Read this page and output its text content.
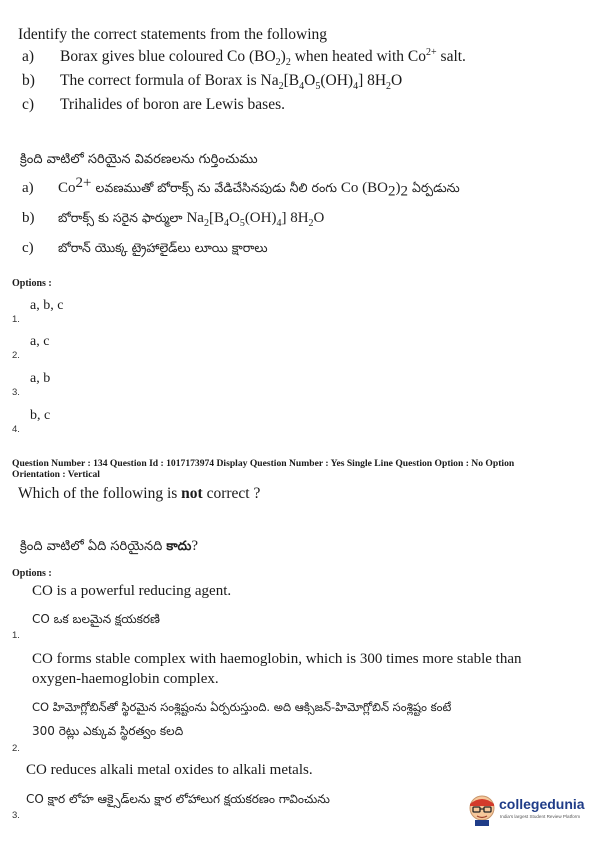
Identify the correct statements from the following
a) Borax gives blue coloured Co $(BO_2)_2$ when heated with $Co^{2+}$ salt.
b) The correct formula of Borax is $Na_2[B_4O_5(OH)_4]$ $8H_2O$
c) Trihalides of boron are Lewis bases.
క్రింది వాటిలో సరియైన వివరణలను గుర్తించుము
a) $Co^{2+}$ లవణముతో బోరాక్స్ ను వేడిచేసినపుడు నీలి రంగు Co $(BO_2)_2$ ఏర్పడును
b) బోరాక్స్ కు సరైన ఫార్ములా $Na_2[B_4O_5(OH)_4]$ $8H_2O$
c) బోరాన్ యొక్క ట్రైహాలైడ్‌లు లూయి క్షారాలు
Options :
a, b, c
1.
a, c
2.
a, b
3.
b, c
4.
Question Number : 134 Question Id : 1017173974 Display Question Number : Yes Single Line Question Option : No Option
Orientation : Vertical
Which of the following is not correct ?
క్రింది వాటిలో ఏది సరియైనది కాదు?
Options :
CO is a powerful reducing agent.
CO ఒక బలమైన క్షయకరణి
1.
CO forms stable complex with haemoglobin, which is 300 times more stable than
oxygen-haemoglobin complex.
CO హిమోగ్లోబిన్‌తో స్థిరమైన సంశ్లిష్టంను ఏర్పరుస్తుంది. అది ఆక్సిజన్-హిమోగ్లోబిన్ సంశ్లిష్టం కంటే
300 రెట్లు ఎక్కువ స్థిరత్వం కలది
2.
CO reduces alkali metal oxides to alkali metals.
CO క్షార లోహ ఆక్సైడ్‌లను క్షార లోహాలుగ క్షయకరణం గావించును
3.
collegedunia
India's largest Student Review Platform
